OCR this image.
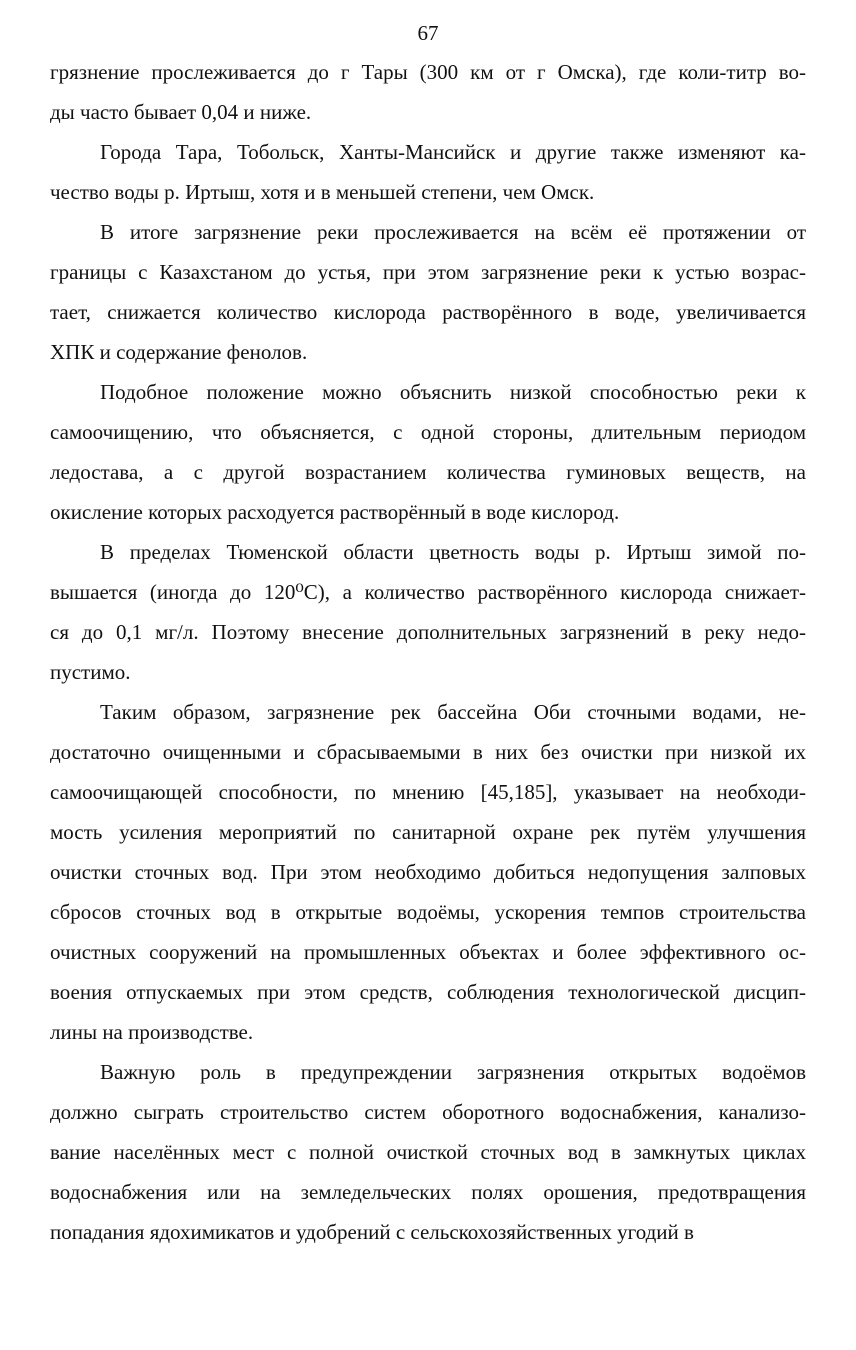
67
грязнение прослеживается до г Тары (300 км от г Омска), где коли-титр во-
ды часто бывает 0,04 и ниже.
Города Тара, Тобольск, Ханты-Мансийск и другие также изменяют ка-
чество воды р. Иртыш, хотя и в меньшей степени, чем Омск.
В итоге загрязнение реки прослеживается на всём её протяжении от
границы с Казахстаном до устья, при этом загрязнение реки к устью возрас-
тает, снижается количество кислорода растворённого в воде, увеличивается
ХПК и содержание фенолов.
Подобное положение можно объяснить низкой способностью реки к
самоочищению, что объясняется, с одной стороны, длительным периодом
ледостава, а с другой возрастанием количества гуминовых веществ, на
окисление которых расходуется растворённый в воде кислород.
В пределах Тюменской области цветность воды р. Иртыш зимой по-
вышается (иногда до 120⁰С), а количество растворённого кислорода снижает-
ся до 0,1 мг/л. Поэтому внесение дополнительных загрязнений в реку недо-
пустимо.
Таким образом, загрязнение рек бассейна Оби сточными водами, не-
достаточно очищенными и сбрасываемыми в них без очистки при низкой их
самоочищающей способности, по мнению [45,185], указывает на необходи-
мость усиления мероприятий по санитарной охране рек путём улучшения
очистки сточных вод. При этом необходимо добиться недопущения залповых
сбросов сточных вод в открытые водоёмы, ускорения темпов строительства
очистных сооружений на промышленных объектах и более эффективного ос-
воения отпускаемых при этом средств, соблюдения технологической дисцип-
лины на производстве.
Важную роль в предупреждении загрязнения открытых водоёмов
должно сыграть строительство систем оборотного водоснабжения, канализо-
вание населённых мест с полной очисткой сточных вод в замкнутых циклах
водоснабжения или на земледельческих полях орошения, предотвращения
попадания ядохимикатов и удобрений с сельскохозяйственных угодий в
